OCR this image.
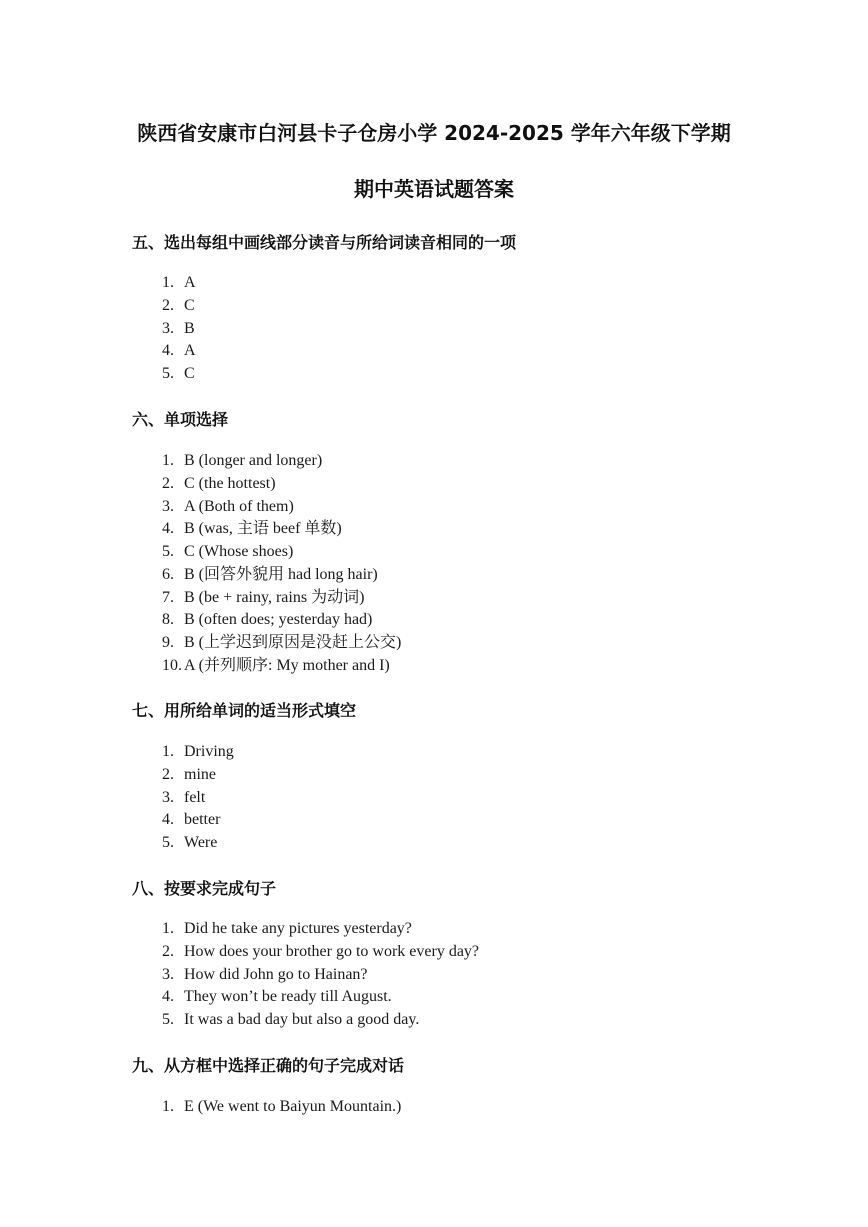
陕西省安康市白河县卡子仓房小学 2024-2025 学年六年级下学期
期中英语试题答案
五、选出每组中画线部分读音与所给词读音相同的一项
1. A
2. C
3. B
4. A
5. C
六、单项选择
1. B (longer and longer)
2. C (the hottest)
3. A (Both of them)
4. B (was, 主语 beef 单数)
5. C (Whose shoes)
6. B (回答外貌用 had long hair)
7. B (be + rainy, rains 为动词)
8. B (often does; yesterday had)
9. B (上学迟到原因是没赶上公交)
10. A (并列顺序: My mother and I)
七、用所给单词的适当形式填空
1. Driving
2. mine
3. felt
4. better
5. Were
八、按要求完成句子
1. Did he take any pictures yesterday?
2. How does your brother go to work every day?
3. How did John go to Hainan?
4. They won’t be ready till August.
5. It was a bad day but also a good day.
九、从方框中选择正确的句子完成对话
1. E (We went to Baiyun Mountain.)
